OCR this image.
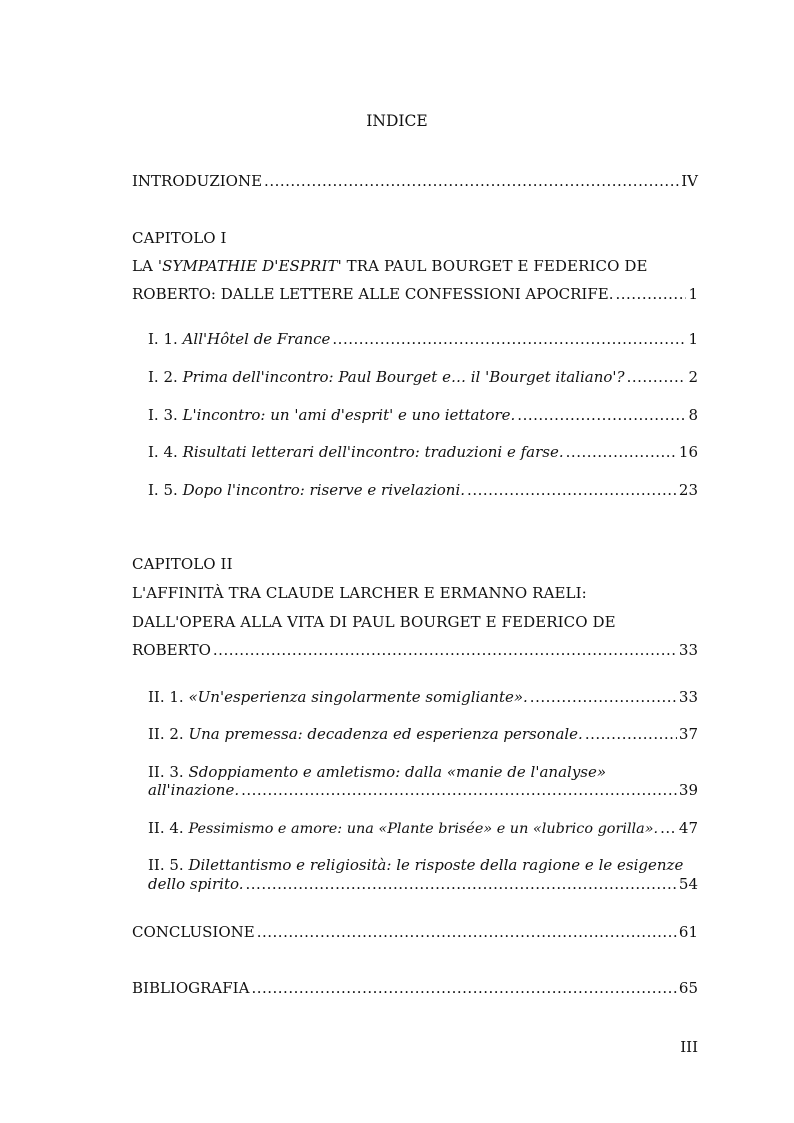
INDICE
INTRODUZIONE .....	IV
CAPITOLO I
LA 'SYMPATHIE D'ESPRIT' TRA PAUL BOURGET E FEDERICO DE
ROBERTO: DALLE LETTERE ALLE CONFESSIONI APOCRIFE. .....	1
I. 1. All'Hôtel de France .....	1
I. 2. Prima dell'incontro: Paul Bourget e… il 'Bourget italiano'? .....	2
I. 3. L'incontro: un 'ami d'esprit' e uno iettatore. .....	8
I. 4. Risultati letterari dell'incontro: traduzioni e farse. .....	16
I. 5. Dopo l'incontro: riserve e rivelazioni. .....	23
CAPITOLO II
L'AFFINITÀ TRA CLAUDE LARCHER E ERMANNO RAELI:
DALL'OPERA ALLA VITA DI PAUL BOURGET E FEDERICO DE
ROBERTO .....	33
II. 1. «Un'esperienza singolarmente somigliante». .....	33
II. 2. Una premessa: decadenza ed esperienza personale. .....	37
II. 3. Sdoppiamento e amletismo: dalla «manie de l'analyse»
all'inazione. .....	39
II. 4. Pessimismo e amore: una «Plante brisée» e un «lubrico gorilla». ..... 47
II. 5. Dilettantismo e religiosità: le risposte della ragione e le esigenze
dello spirito. .....	54
CONCLUSIONE .....	61
BIBLIOGRAFIA .....	65
III
